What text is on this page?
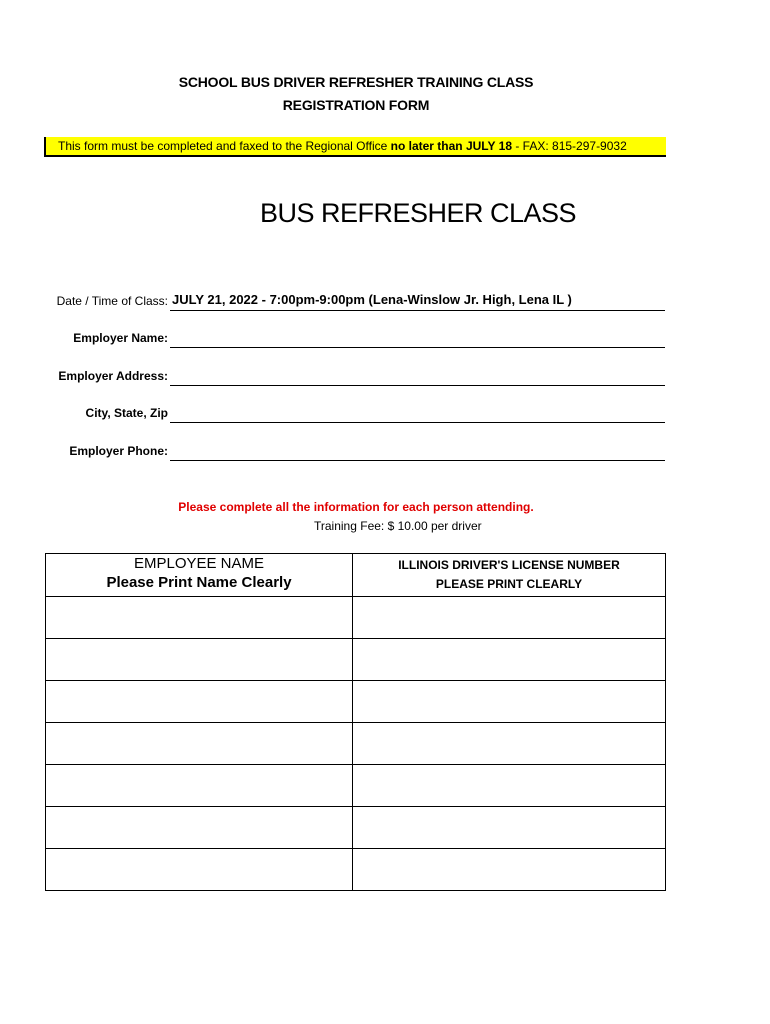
SCHOOL BUS DRIVER REFRESHER TRAINING CLASS
REGISTRATION FORM
This form must be completed and faxed to the Regional Office no later than JULY 18 - FAX: 815-297-9032
BUS REFRESHER CLASS
Date / Time of Class: JULY 21, 2022 - 7:00pm-9:00pm (Lena-Winslow Jr. High, Lena IL )
Employer Name:
Employer Address:
City, State, Zip
Employer Phone:
Please complete all the information for each person attending.
Training Fee: $ 10.00 per driver
EMPLOYEE NAME
Please Print Name Clearly	ILLINOIS DRIVER'S LICENSE NUMBER
PLEASE PRINT CLEARLY
